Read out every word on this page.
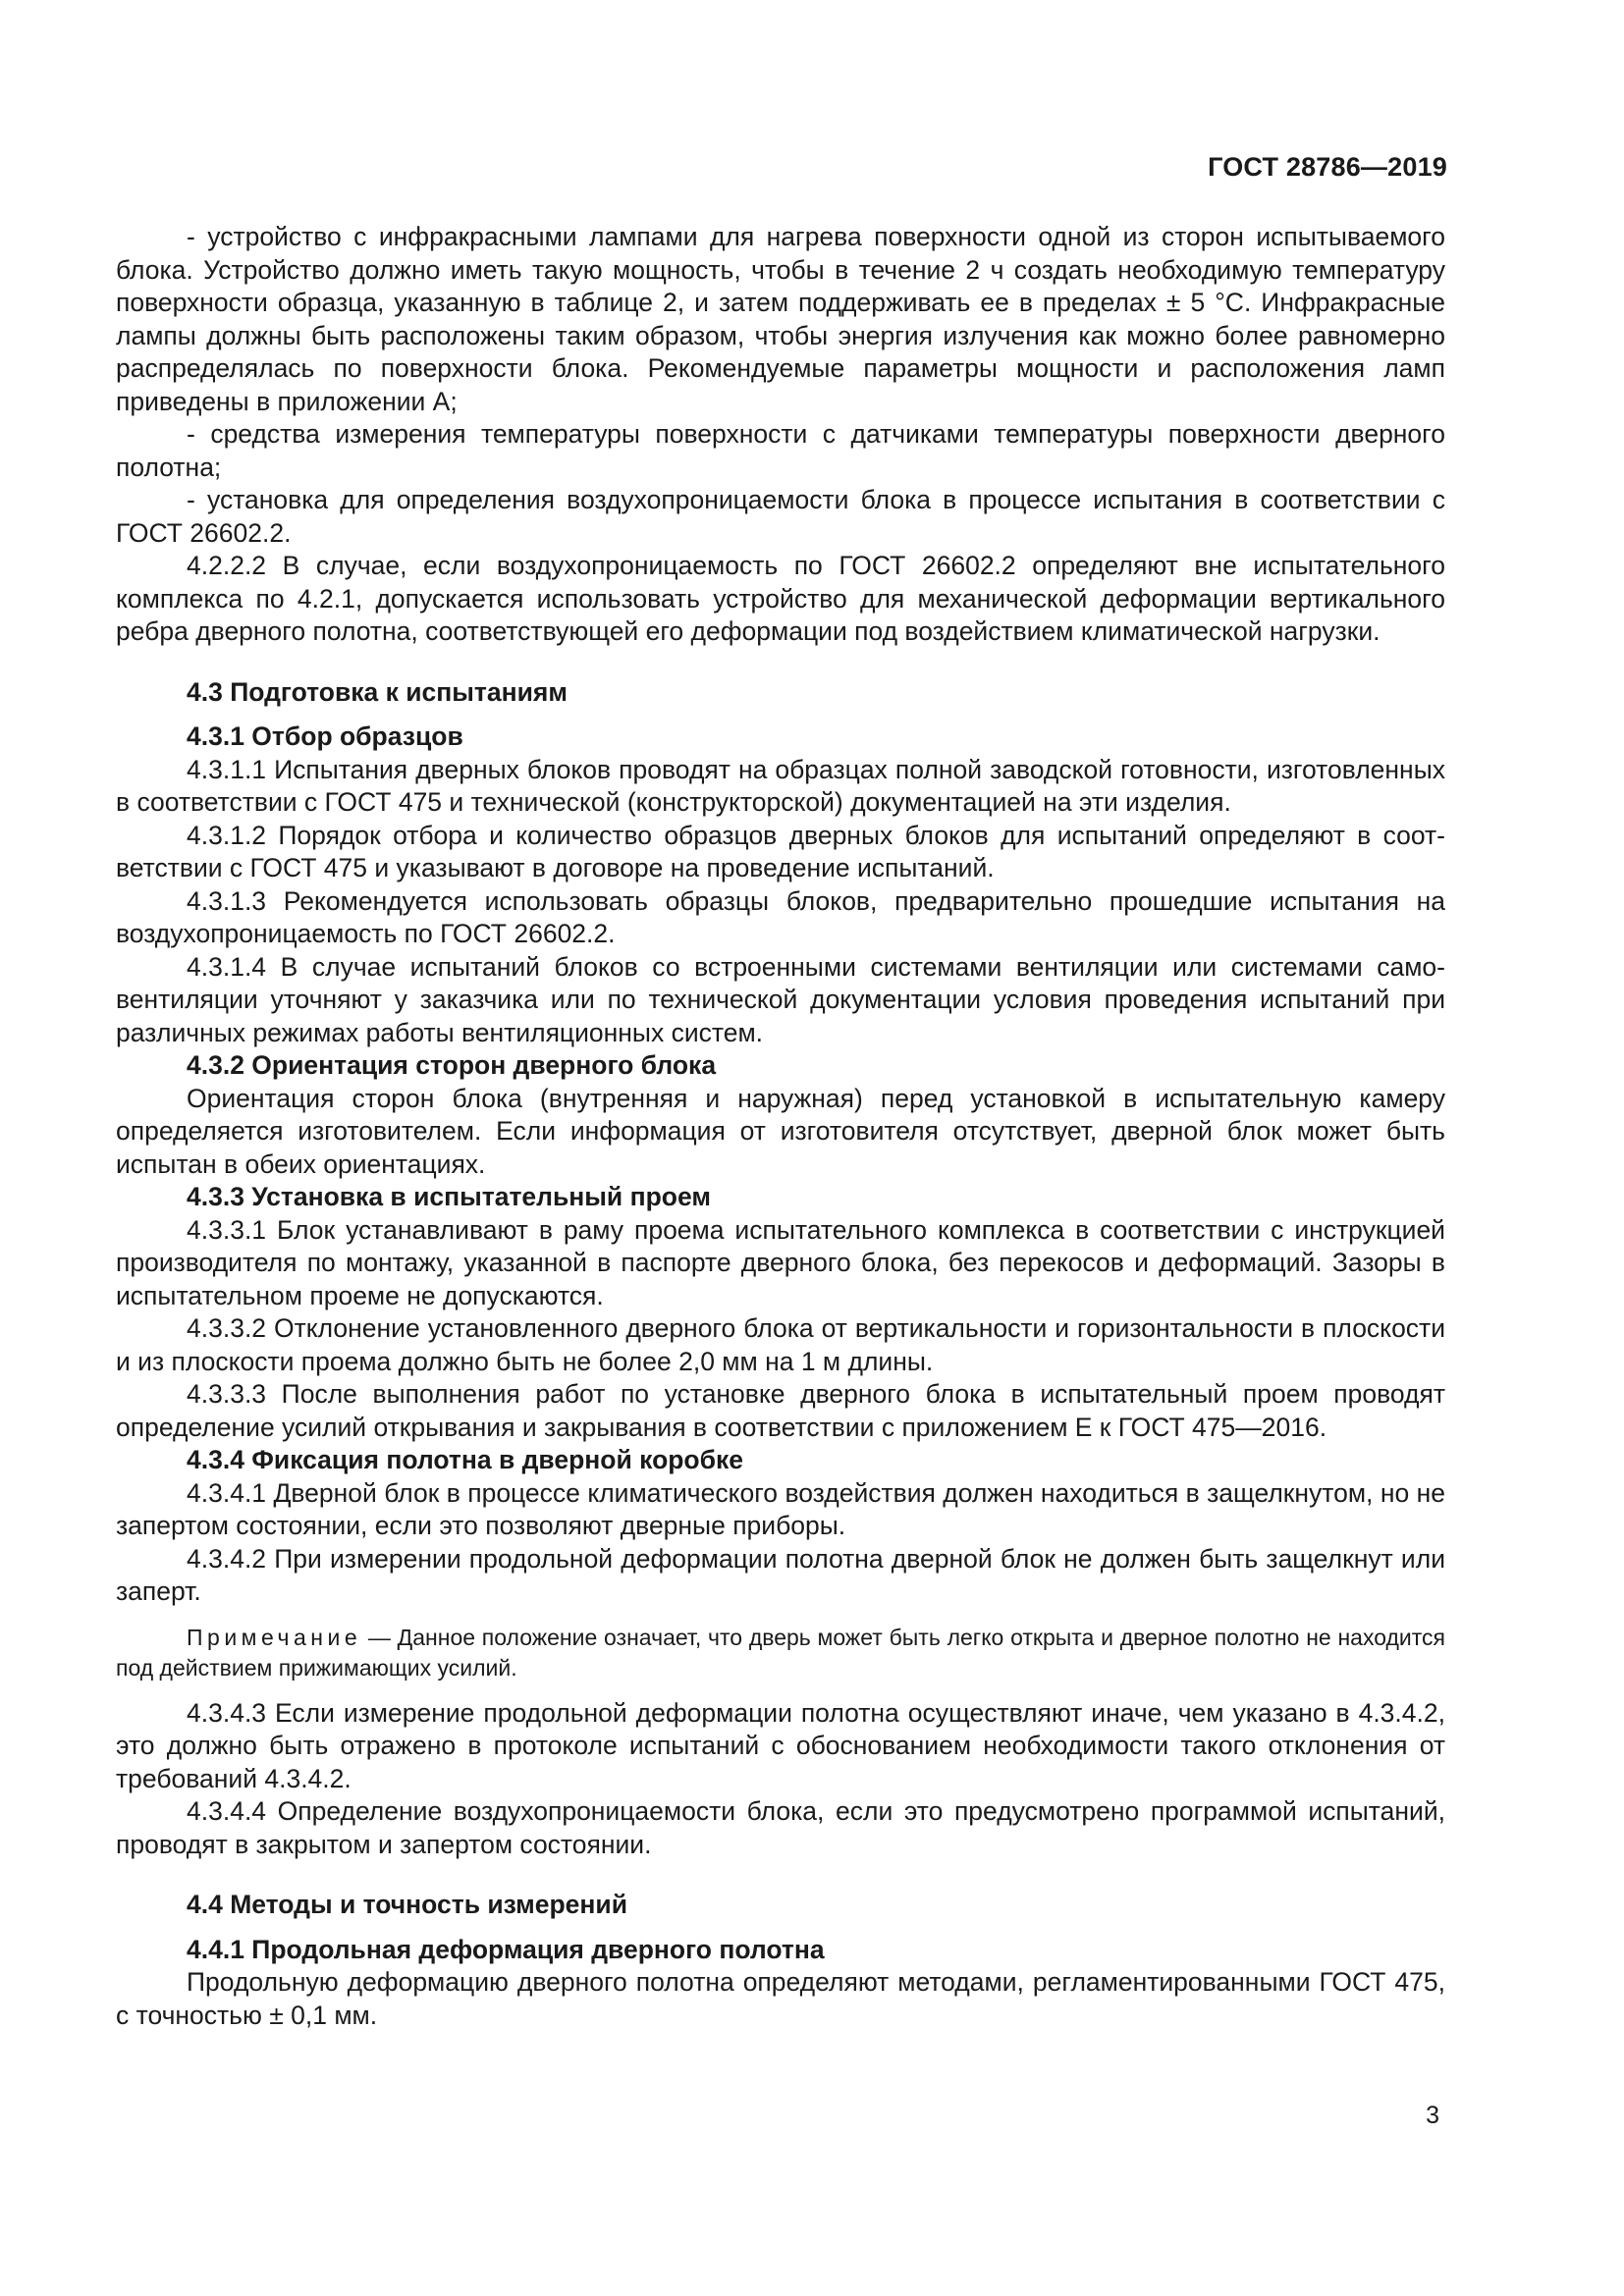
ГОСТ 28786—2019

- устройство с инфракрасными лампами для нагрева поверхности одной из сторон испытываемого блока. Устройство должно иметь такую мощность, чтобы в течение 2 ч создать необходимую температуру поверхности образца, указанную в таблице 2, и затем поддерживать ее в пределах ± 5 °С. Инфракрасные лампы должны быть расположены таким образом, чтобы энергия излучения как можно более равномерно распределялась по поверхности блока. Рекомендуемые параметры мощности и расположения ламп приведены в приложении А;

- средства измерения температуры поверхности с датчиками температуры поверхности дверного полотна;

- установка для определения воздухопроницаемости блока в процессе испытания в соответствии с ГОСТ 26602.2.

4.2.2.2 В случае, если воздухопроницаемость по ГОСТ 26602.2 определяют вне испытательного комплекса по 4.2.1, допускается использовать устройство для механической деформации вертикального ребра дверного полотна, соответствующей его деформации под воздействием климатической нагрузки.

4.3 Подготовка к испытаниям

4.3.1 Отбор образцов

4.3.1.1 Испытания дверных блоков проводят на образцах полной заводской готовности, изготовленных в соответствии с ГОСТ 475 и технической (конструкторской) документацией на эти изделия.

4.3.1.2 Порядок отбора и количество образцов дверных блоков для испытаний определяют в соответствии с ГОСТ 475 и указывают в договоре на проведение испытаний.

4.3.1.3 Рекомендуется использовать образцы блоков, предварительно прошедшие испытания на воздухопроницаемость по ГОСТ 26602.2.

4.3.1.4 В случае испытаний блоков со встроенными системами вентиляции или системами самовентиляции уточняют у заказчика или по технической документации условия проведения испытаний при различных режимах работы вентиляционных систем.

4.3.2 Ориентация сторон дверного блока

Ориентация сторон блока (внутренняя и наружная) перед установкой в испытательную камеру определяется изготовителем. Если информация от изготовителя отсутствует, дверной блок может быть испытан в обеих ориентациях.

4.3.3 Установка в испытательный проем

4.3.3.1 Блок устанавливают в раму проема испытательного комплекса в соответствии с инструкцией производителя по монтажу, указанной в паспорте дверного блока, без перекосов и деформаций. Зазоры в испытательном проеме не допускаются.

4.3.3.2 Отклонение установленного дверного блока от вертикальности и горизонтальности в плоскости и из плоскости проема должно быть не более 2,0 мм на 1 м длины.

4.3.3.3 После выполнения работ по установке дверного блока в испытательный проем проводят определение усилий открывания и закрывания в соответствии с приложением Е к ГОСТ 475—2016.

4.3.4 Фиксация полотна в дверной коробке

4.3.4.1 Дверной блок в процессе климатического воздействия должен находиться в защелкнутом, но не запертом состоянии, если это позволяют дверные приборы.

4.3.4.2 При измерении продольной деформации полотна дверной блок не должен быть защелкнут или заперт.

Примечание — Данное положение означает, что дверь может быть легко открыта и дверное полотно не находится под действием прижимающих усилий.

4.3.4.3 Если измерение продольной деформации полотна осуществляют иначе, чем указано в 4.3.4.2, это должно быть отражено в протоколе испытаний с обоснованием необходимости такого отклонения от требований 4.3.4.2.

4.3.4.4 Определение воздухопроницаемости блока, если это предусмотрено программой испытаний, проводят в закрытом и запертом состоянии.

4.4 Методы и точность измерений

4.4.1 Продольная деформация дверного полотна

Продольную деформацию дверного полотна определяют методами, регламентированными ГОСТ 475, с точностью ± 0,1 мм.

3
